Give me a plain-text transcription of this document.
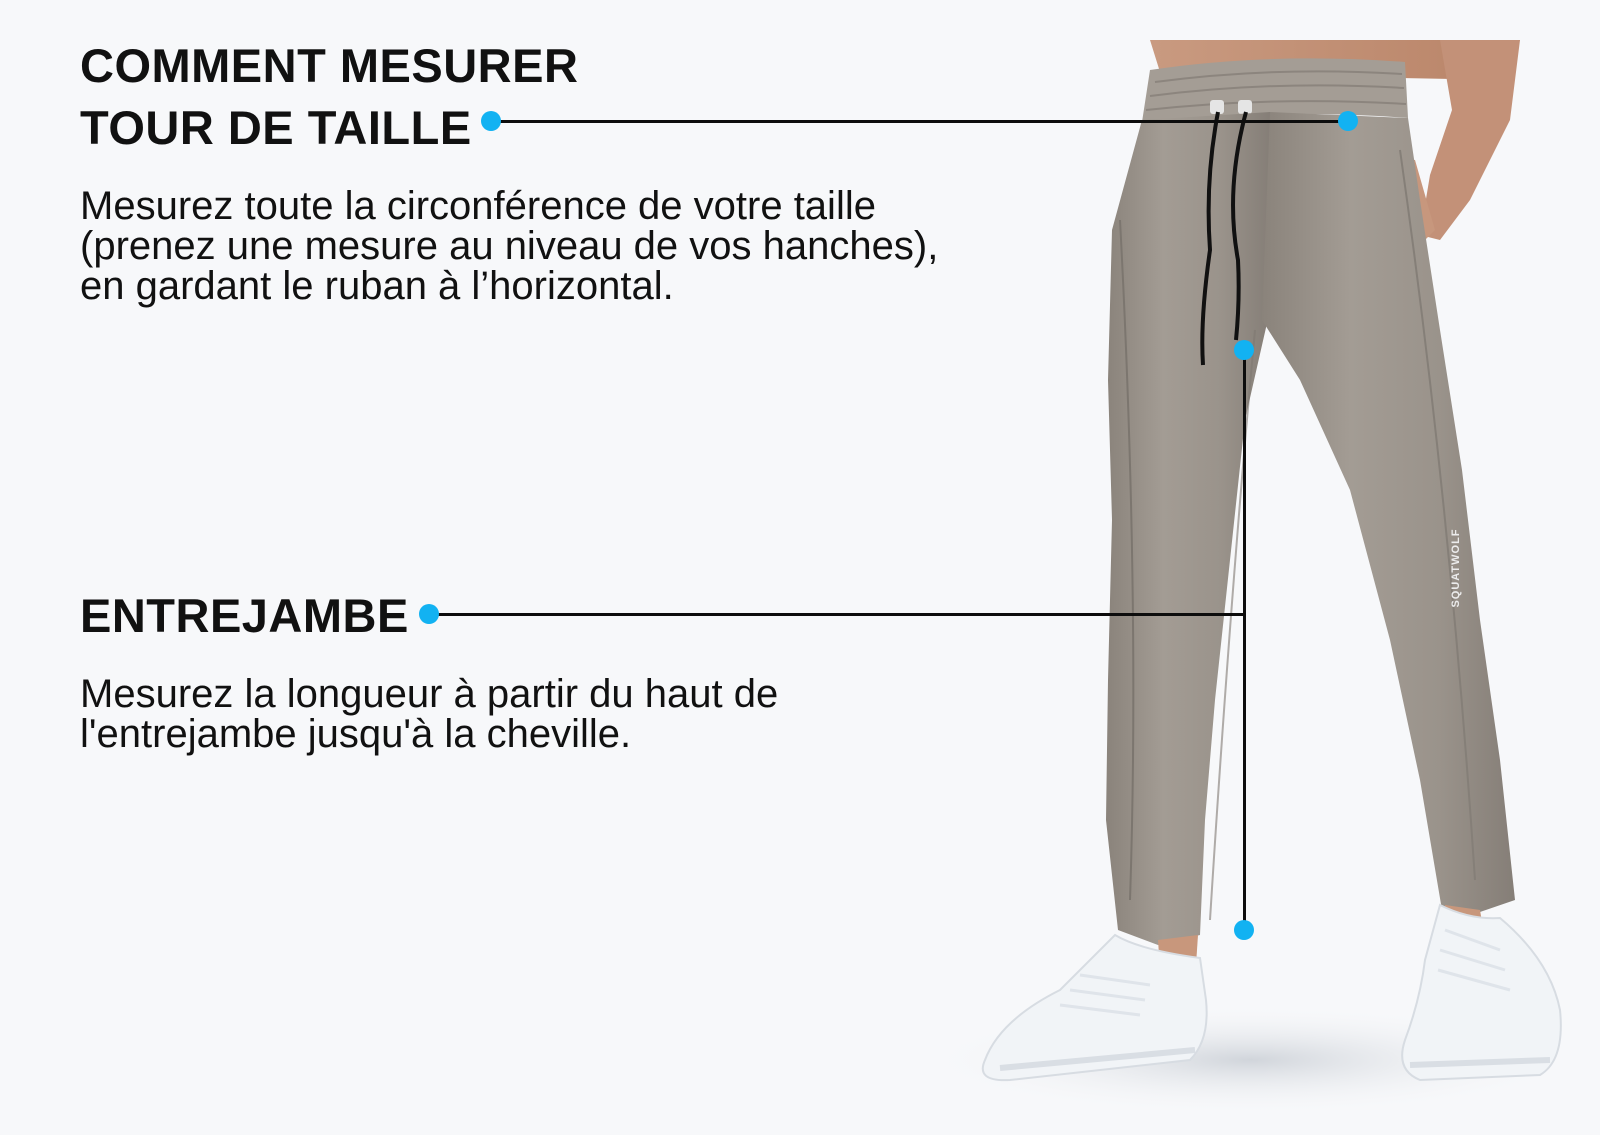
SQUATWOLF
COMMENT MESURER
TOUR DE TAILLE
ENTREJAMBE
Mesurez toute la circonférence de votre taille
(prenez une mesure au niveau de vos hanches),
en gardant le ruban à l’horizontal.
Mesurez la longueur à partir du haut de
l'entrejambe jusqu'à la cheville.
